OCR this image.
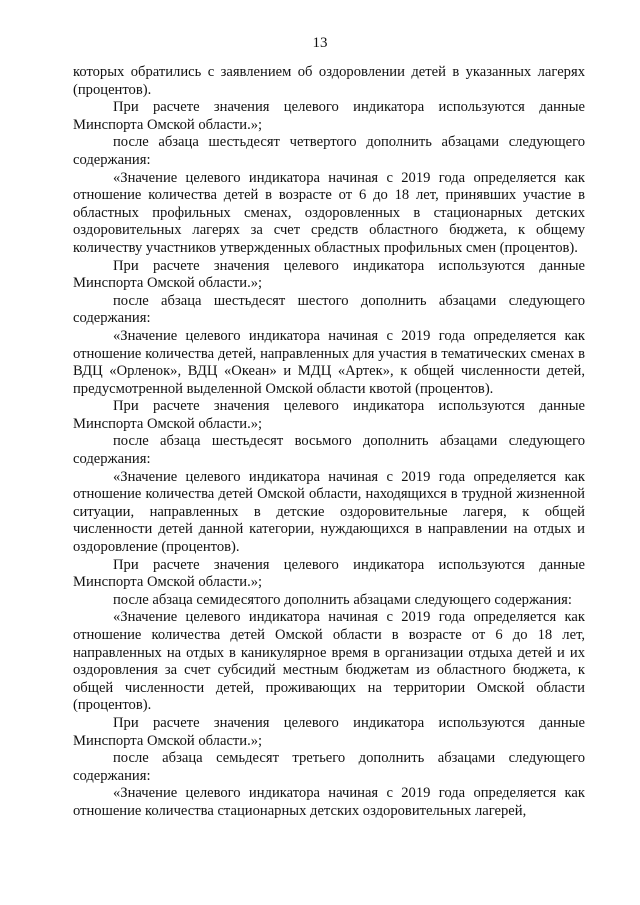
13

которых обратились с заявлением об оздоровлении детей в указанных лагерях (процентов).

При расчете значения целевого индикатора используются данные Минспорта Омской области.»;

после абзаца шестьдесят четвертого дополнить абзацами следующего содержания:

«Значение целевого индикатора начиная с 2019 года определяется как отношение количества детей в возрасте от 6 до 18 лет, принявших участие в областных профильных сменах, оздоровленных в стационарных детских оздоровительных лагерях за счет средств областного бюджета, к общему количеству участников утвержденных областных профильных смен (процентов).

При расчете значения целевого индикатора используются данные Минспорта Омской области.»;

после абзаца шестьдесят шестого дополнить абзацами следующего содержания:

«Значение целевого индикатора начиная с 2019 года определяется как отношение количества детей, направленных для участия в тематических сменах в ВДЦ «Орленок», ВДЦ «Океан» и МДЦ «Артек», к общей численности детей, предусмотренной выделенной Омской области квотой (процентов).

При расчете значения целевого индикатора используются данные Минспорта Омской области.»;

после абзаца шестьдесят восьмого дополнить абзацами следующего содержания:

«Значение целевого индикатора начиная с 2019 года определяется как отношение количества детей Омской области, находящихся в трудной жизненной ситуации, направленных в детские оздоровительные лагеря, к общей численности детей данной категории, нуждающихся в направлении на отдых и оздоровление (процентов).

При расчете значения целевого индикатора используются данные Минспорта Омской области.»;

после абзаца семидесятого дополнить абзацами следующего содержания:

«Значение целевого индикатора начиная с 2019 года определяется как отношение количества детей Омской области в возрасте от 6 до 18 лет, направленных на отдых в каникулярное время в организации отдыха детей и их оздоровления за счет субсидий местным бюджетам из областного бюджета, к общей численности детей, проживающих на территории Омской области (процентов).

При расчете значения целевого индикатора используются данные Минспорта Омской области.»;

после абзаца семьдесят третьего дополнить абзацами следующего содержания:

«Значение целевого индикатора начиная с 2019 года определяется как отношение количества стационарных детских оздоровительных лагерей,
